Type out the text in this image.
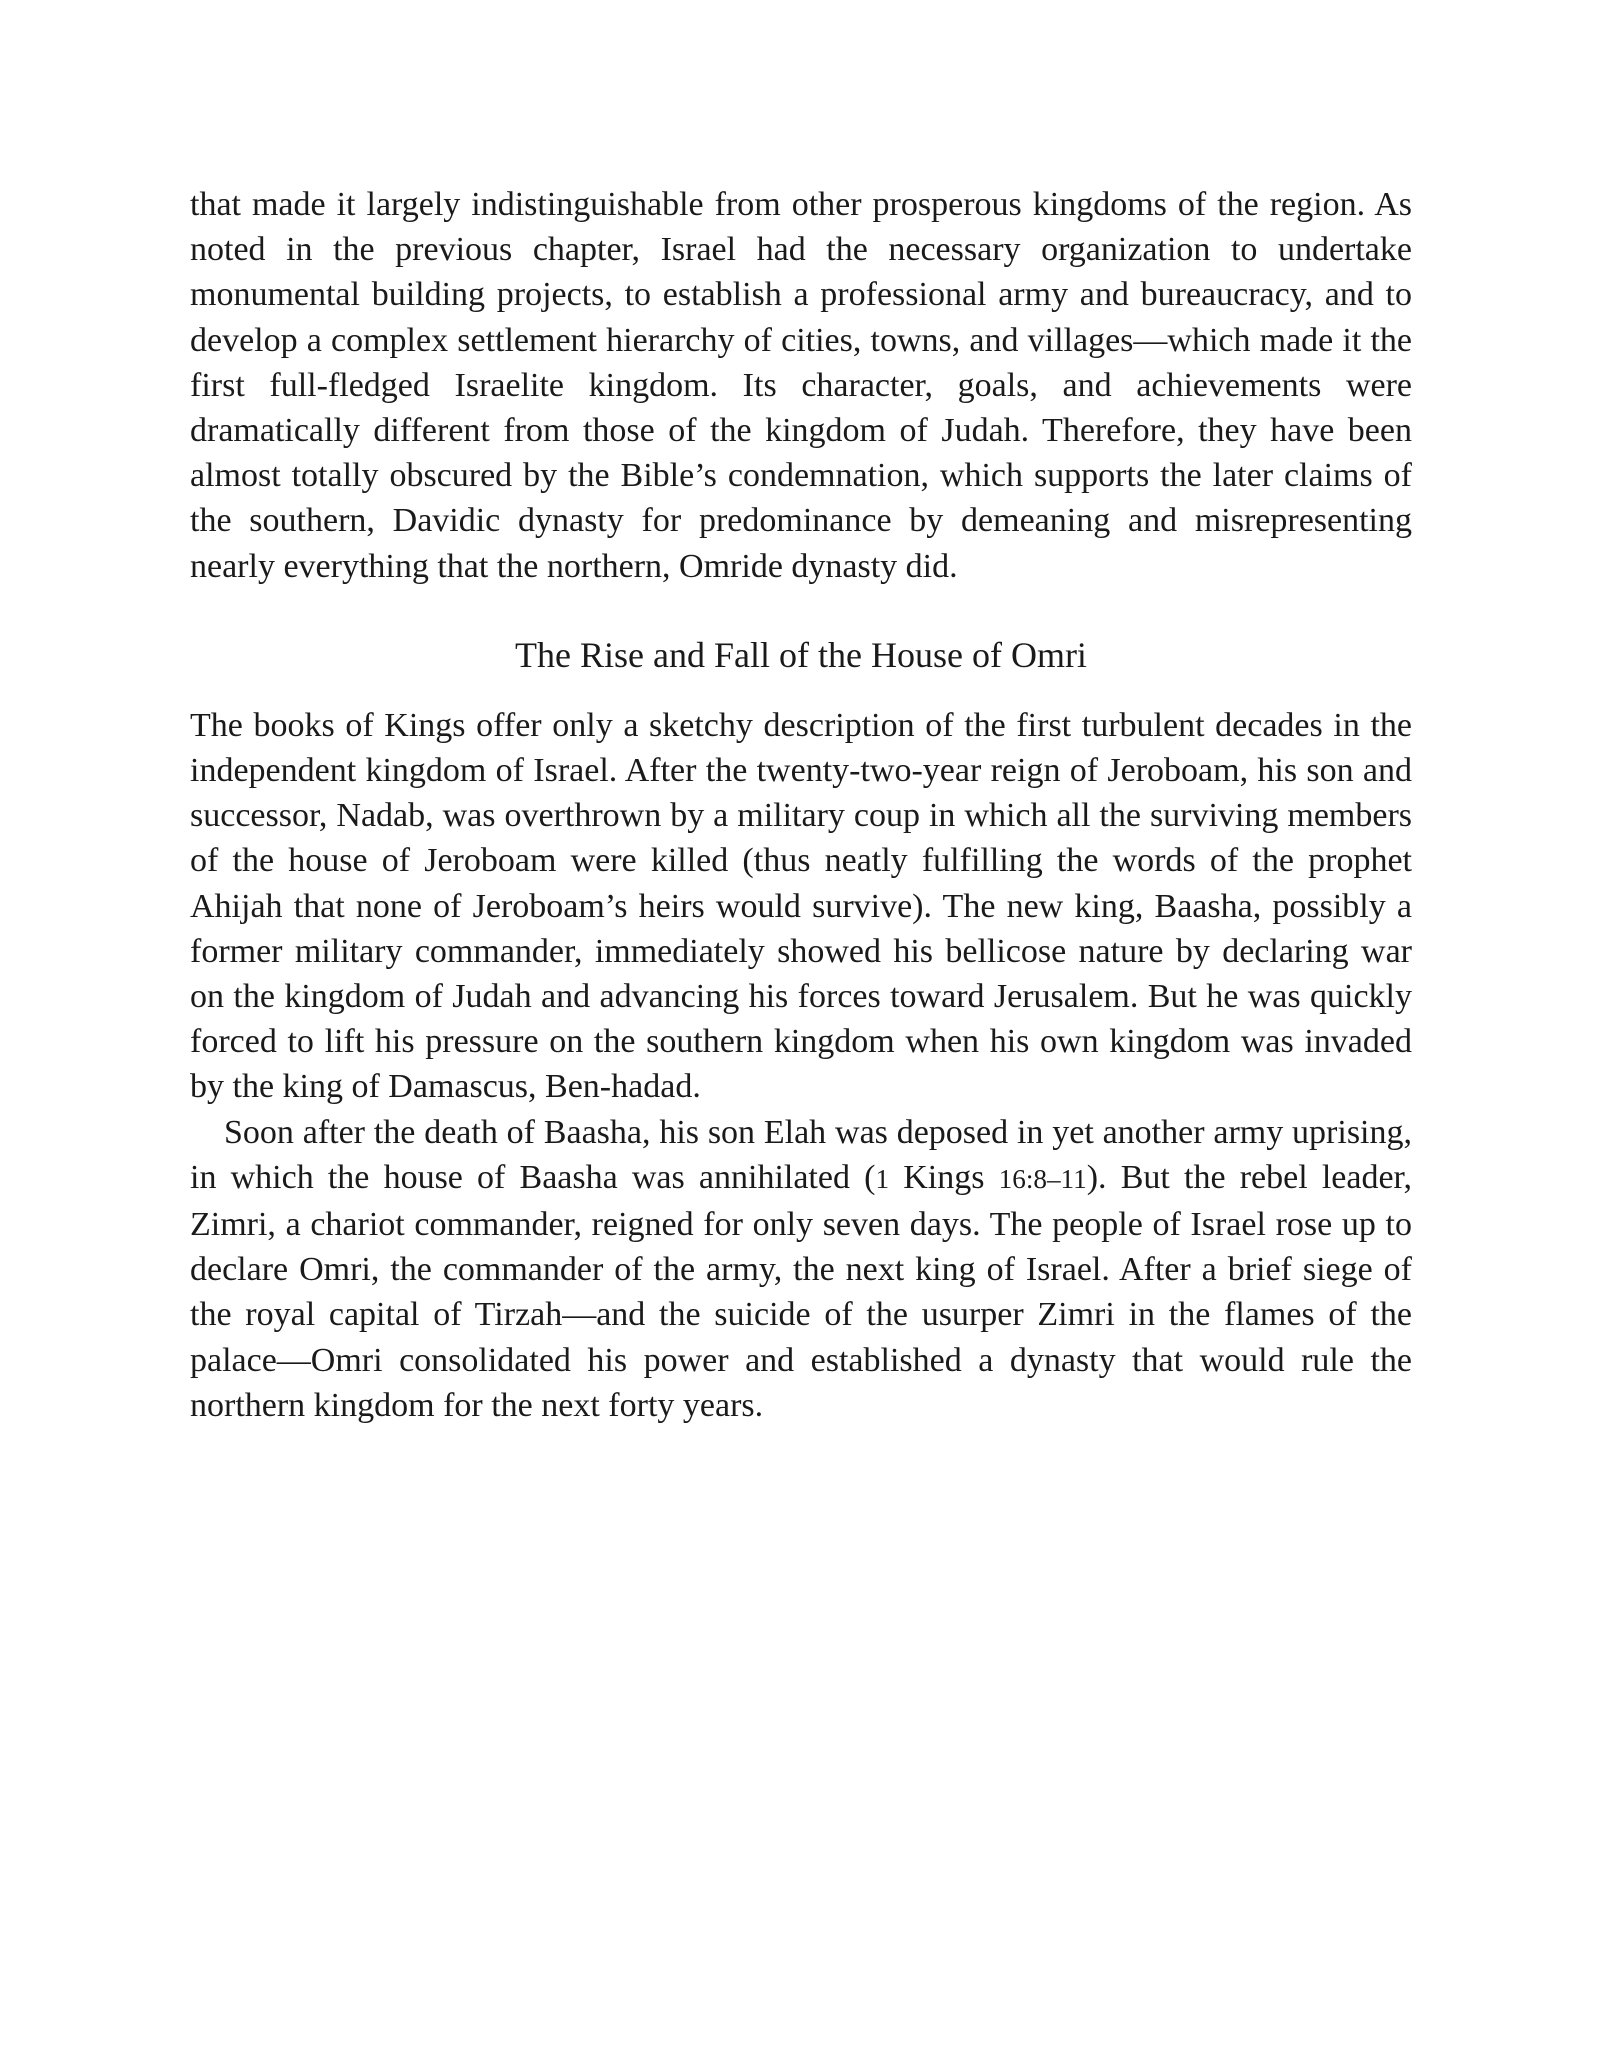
that made it largely indistinguishable from other prosperous kingdoms of the region. As noted in the previous chapter, Israel had the necessary organization to undertake monumental building projects, to establish a professional army and bureaucracy, and to develop a complex settlement hierarchy of cities, towns, and villages—which made it the first full-fledged Israelite kingdom. Its character, goals, and achievements were dramatically different from those of the kingdom of Judah. Therefore, they have been almost totally obscured by the Bible’s condemnation, which supports the later claims of the southern, Davidic dynasty for predominance by demeaning and misrepresenting nearly everything that the northern, Omride dynasty did.

The Rise and Fall of the House of Omri

The books of Kings offer only a sketchy description of the first turbulent decades in the independent kingdom of Israel. After the twenty-two-year reign of Jeroboam, his son and successor, Nadab, was overthrown by a military coup in which all the surviving members of the house of Jeroboam were killed (thus neatly fulfilling the words of the prophet Ahijah that none of Jeroboam’s heirs would survive). The new king, Baasha, possibly a former military commander, immediately showed his bellicose nature by declaring war on the kingdom of Judah and advancing his forces toward Jerusalem. But he was quickly forced to lift his pressure on the southern kingdom when his own kingdom was invaded by the king of Damascus, Ben-hadad.

Soon after the death of Baasha, his son Elah was deposed in yet another army uprising, in which the house of Baasha was annihilated (1 Kings 16:8–11). But the rebel leader, Zimri, a chariot commander, reigned for only seven days. The people of Israel rose up to declare Omri, the commander of the army, the next king of Israel. After a brief siege of the royal capital of Tirzah—and the suicide of the usurper Zimri in the flames of the palace—Omri consolidated his power and established a dynasty that would rule the northern kingdom for the next forty years.
